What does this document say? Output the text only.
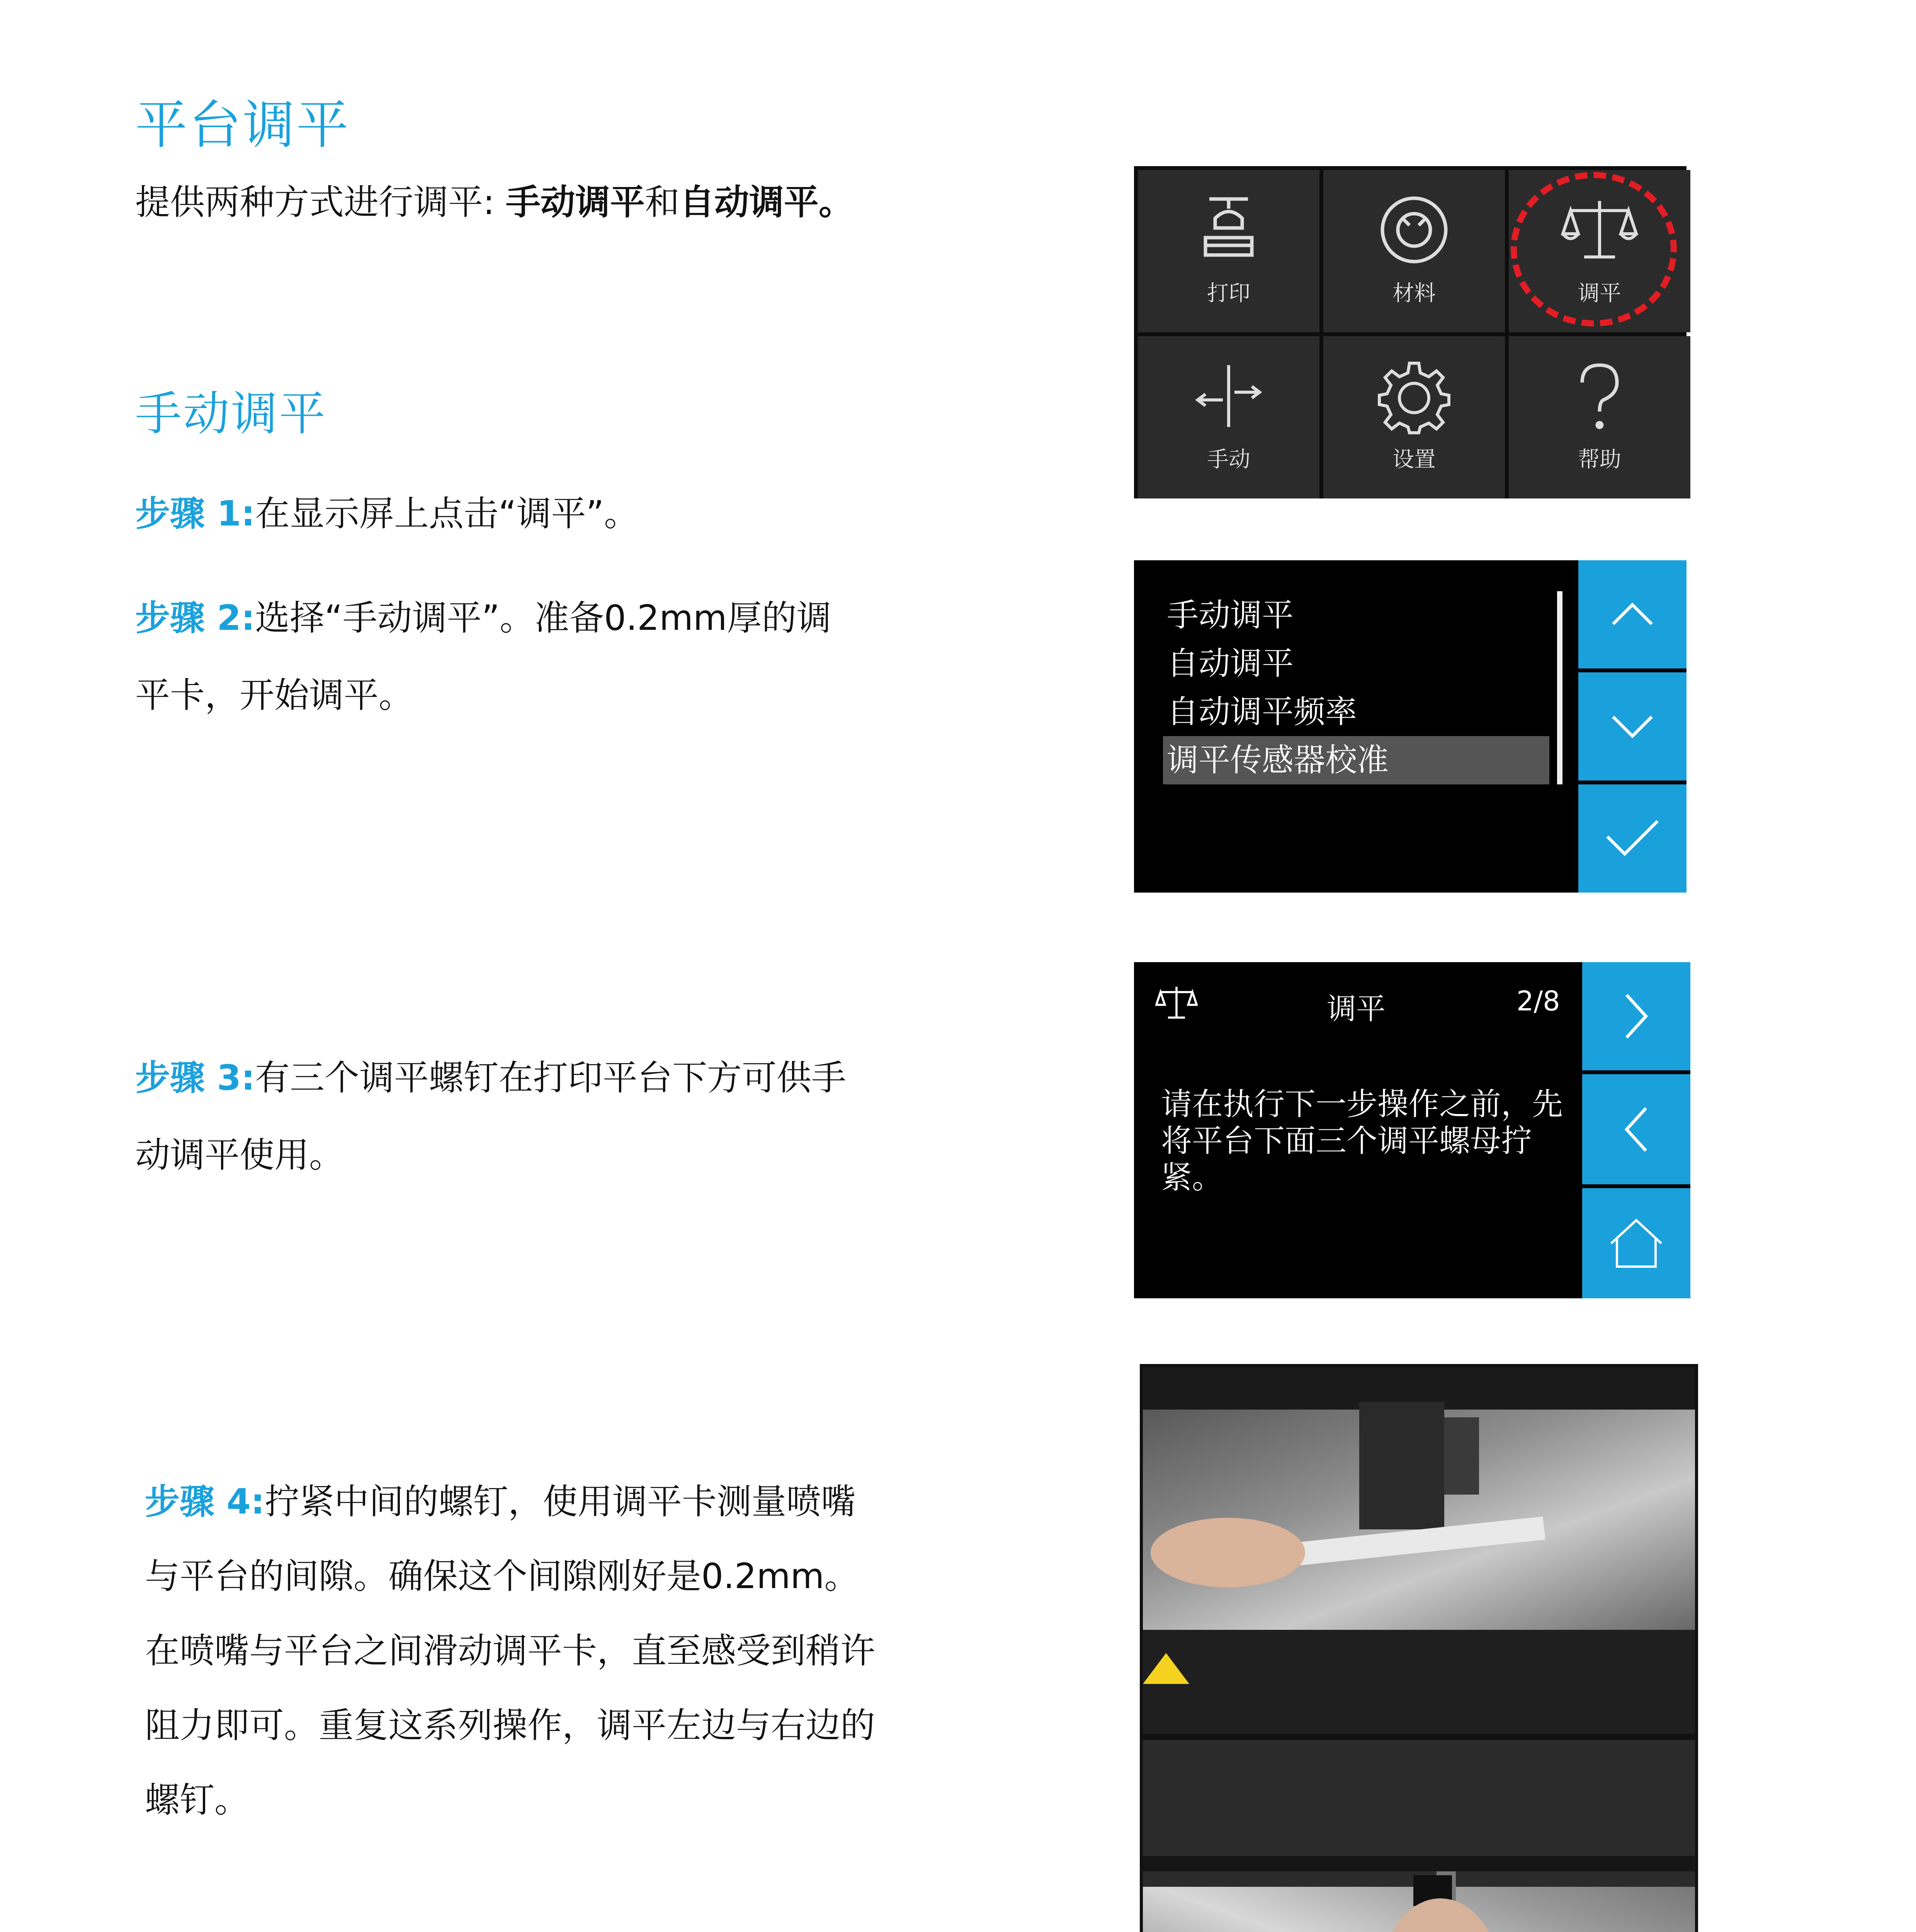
平台调平
提供两种方式进行调平: 手动调平和自动调平。
手动调平
步骤 1:在显示屏上点击“调平”。
步骤 2:选择“手动调平”。准备0.2mm厚的调
平卡，开始调平。
步骤 3:有三个调平螺钉在打印平台下方可供手
动调平使用。
步骤 4:拧紧中间的螺钉，使用调平卡测量喷嘴
与平台的间隙。确保这个间隙刚好是0.2mm。
在喷嘴与平台之间滑动调平卡，直至感受到稍许
阻力即可。重复这系列操作，调平左边与右边的
螺钉。
打印	材料	调平
手动	设置	帮助
手动调平
自动调平
自动调平频率
调平传感器校准
调平	2/8
请在执行下一步操作之前，先将平台下面三个调平螺母拧紧。
